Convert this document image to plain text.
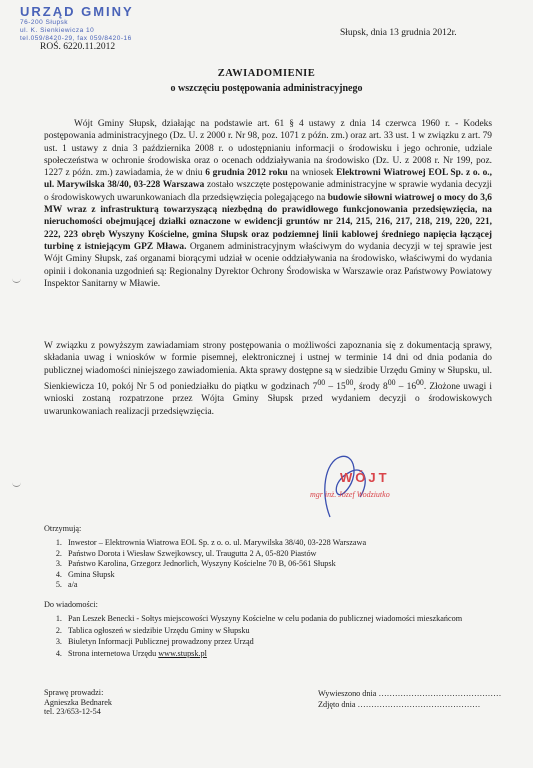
URZĄD GMINY
76-200 Słupsk
ul. K. Sienkiewicza 10
tel.059/8420-29, fax 059/8420-16
ROŚ. 6220.11.2012
Słupsk, dnia 13 grudnia 2012r.
ZAWIADOMIENIE
o wszczęciu postępowania administracyjnego

Wójt Gminy Słupsk, działając na podstawie art. 61 § 4 ustawy z dnia 14 czerwca 1960 r. - Kodeks postępowania administracyjnego (Dz. U. z 2000 r. Nr 98, poz. 1071 z późn. zm.) oraz art. 33 ust. 1 w związku z art. 79 ust. 1 ustawy z dnia 3 października 2008 r. o udostępnianiu informacji o środowisku i jego ochronie, udziale społeczeństwa w ochronie środowiska oraz o ocenach oddziaływania na środowisko (Dz. U. z 2008 r. Nr 199, poz. 1227 z późn. zm.) zawiadamia, że w dniu 6 grudnia 2012 roku na wniosek Elektrowni Wiatrowej EOL Sp. z o. o., ul. Marywilska 38/40, 03-228 Warszawa zostało wszczęte postępowanie administracyjne w sprawie wydania decyzji o środowiskowych uwarunkowaniach dla przedsięwzięcia polegającego na budowie siłowni wiatrowej o mocy do 3,6 MW wraz z infrastrukturą towarzyszącą niezbędną do prawidłowego funkcjonowania przedsięwzięcia, na nieruchomości obejmującej działki oznaczone w ewidencji gruntów nr 214, 215, 216, 217, 218, 219, 220, 221, 222, 223 obręb Wyszyny Kościelne, gmina Słupsk oraz podziemnej linii kablowej średniego napięcia łączącej turbinę z istniejącym GPZ Mława. Organem administracyjnym właściwym do wydania decyzji w tej sprawie jest Wójt Gminy Słupsk, zaś organami biorącymi udział w ocenie oddziaływania na środowisko, właściwymi do wydania opinii i dokonania uzgodnień są: Regionalny Dyrektor Ochrony Środowiska w Warszawie oraz Państwowy Powiatowy Inspektor Sanitarny w Mławie.

W związku z powyższym zawiadamiam strony postępowania o możliwości zapoznania się z dokumentacją sprawy, składania uwag i wniosków w formie pisemnej, elektronicznej i ustnej w terminie 14 dni od dnia podania do publicznej wiadomości niniejszego zawiadomienia. Akta sprawy dostępne są w siedzibie Urzędu Gminy w Słupsku, ul. Sienkiewicza 10, pokój Nr 5 od poniedziałku do piątku w godzinach $7^{00} - 15^{00}$, środy $8^{00} - 16^{00}$. Złożone uwagi i wnioski zostaną rozpatrzone przez Wójta Gminy Słupsk przed wydaniem decyzji o środowiskowych uwarunkowaniach realizacji przedsięwzięcia.

WÓJT
mgr inż. Józef Wodziutko

Otrzymują:

1. Inwestor – Elektrownia Wiatrowa EOL Sp. z o. o. ul. Marywilska 38/40, 03-228 Warszawa
2. Państwo Dorota i Wiesław Szwejkowscy, ul. Traugutta 2 A, 05-820 Piastów
3. Państwo Karolina, Grzegorz Jednorlich, Wyszyny Kościelne 70 B, 06-561 Słupsk
4. Gmina Słupsk
5. a/a

Do wiadomości:

1. Pan Leszek Benecki - Sołtys miejscowości Wyszyny Kościelne w celu podania do publicznej wiadomości mieszkańcom
2. Tablica ogłoszeń w siedzibie Urzędu Gminy w Słupsku
3. Biuletyn Informacji Publicznej prowadzony przez Urząd
4. Strona internetowa Urzędu www.stupsk.pl
Sprawę prowadzi:
Agnieszka Bednarek
tel. 23/653-12-54
Wywieszono dnia ………………………………………
Zdjęto dnia ………………………………………
